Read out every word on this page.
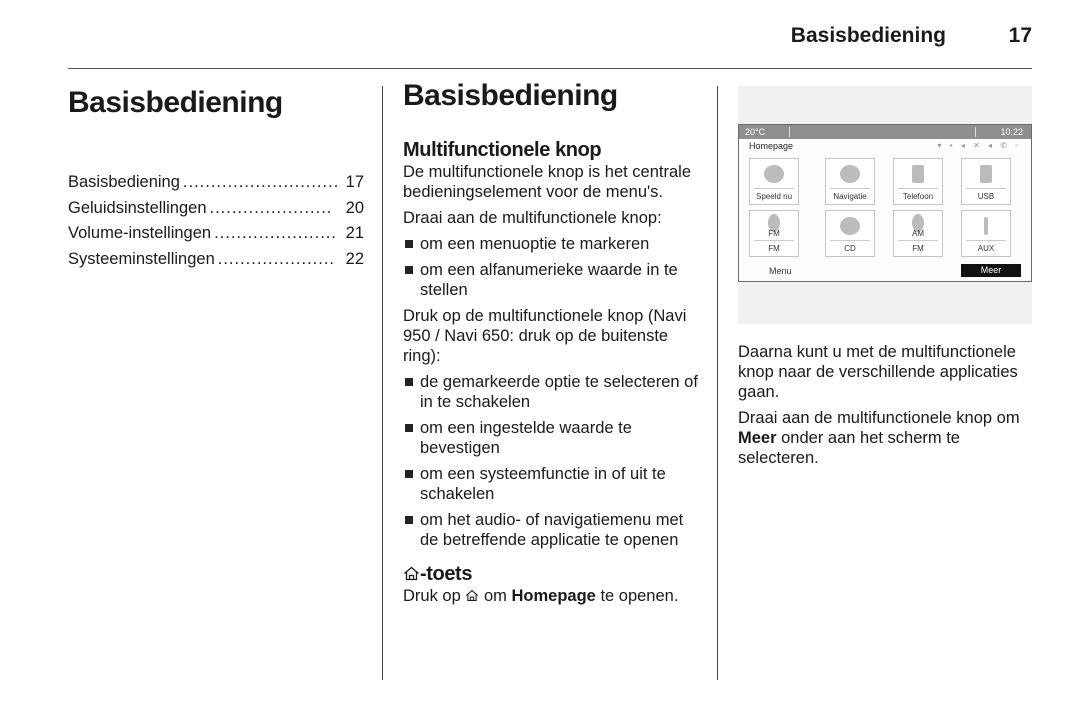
Basisbediening	17
Basisbediening
Basisbediening ............................ 17
Geluidsinstellingen ...................... 20
Volume-instellingen ...................... 21
Systeeminstellingen ..................... 22
Basisbediening
Multifunctionele knop

De multifunctionele knop is het centrale bedieningselement voor de menu's.

Draai aan de multifunctionele knop:

om een menuoptie te markeren
om een alfanumerieke waarde in te stellen

Druk op de multifunctionele knop (Navi 950 / Navi 650: druk op de buitenste ring):

de gemarkeerde optie te selecteren of in te schakelen
om een ingestelde waarde te bevestigen
om een systeemfunctie in of uit te schakelen
om het audio- of navigatiemenu met de betreffende applicatie te openen
-toets

Druk op om Homepage te openen.

20°C	10:22
Homepage	▾ ▪ ◂ ✕ ◂ ✆ ▫
Speeld nu	Navigatie	Telefoon	USB
FM
FM	CD
AM
FM	AUX
Menu	Meer

Daarna kunt u met de multifunctionele knop naar de verschillende applicaties gaan.

Draai aan de multifunctionele knop om Meer onder aan het scherm te selecteren.
